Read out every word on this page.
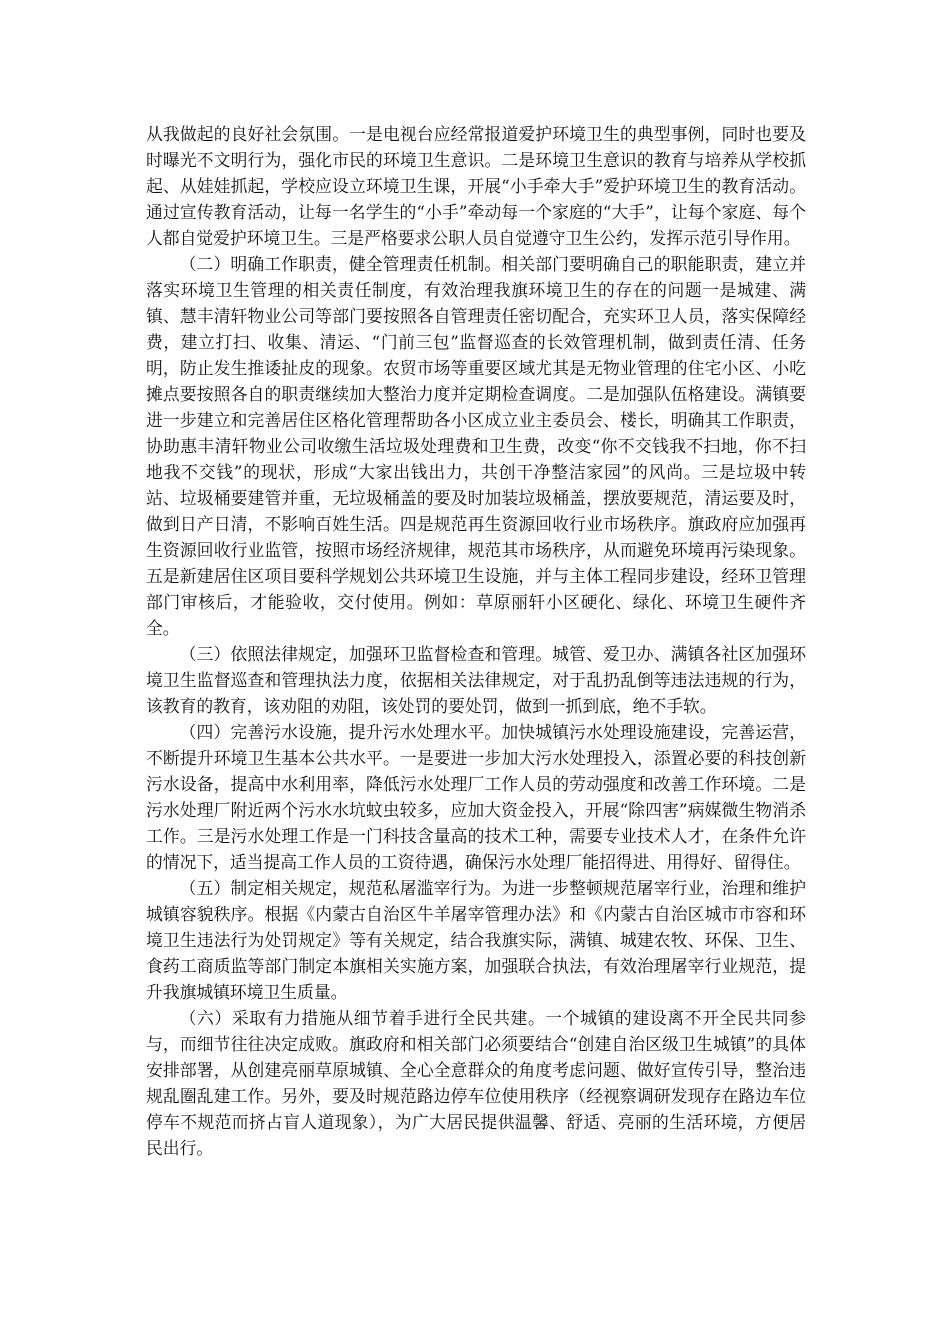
从我做起的良好社会氛围。一是电视台应经常报道爱护环境卫生的典型事例，同时也要及时曝光不文明行为，强化市民的环境卫生意识。二是环境卫生意识的教育与培养从学校抓起、从娃娃抓起，学校应设立环境卫生课，开展“小手牵大手”爱护环境卫生的教育活动。通过宣传教育活动，让每一名学生的“小手”牵动每一个家庭的“大手”，让每个家庭、每个人都自觉爱护环境卫生。三是严格要求公职人员自觉遵守卫生公约，发挥示范引导作用。

（二）明确工作职责，健全管理责任机制。相关部门要明确自己的职能职责，建立并落实环境卫生管理的相关责任制度，有效治理我旗环境卫生的存在的问题一是城建、满镇、慧丰清轩物业公司等部门要按照各自管理责任密切配合，充实环卫人员，落实保障经费，建立打扫、收集、清运、“门前三包”监督巡查的长效管理机制，做到责任清、任务明，防止发生推诿扯皮的现象。农贸市场等重要区域尤其是无物业管理的住宅小区、小吃摊点要按照各自的职责继续加大整治力度并定期检查调度。二是加强队伍格建设。满镇要进一步建立和完善居住区格化管理帮助各小区成立业主委员会、楼长，明确其工作职责，协助惠丰清轩物业公司收缴生活垃圾处理费和卫生费，改变“你不交钱我不扫地，你不扫地我不交钱”的现状，形成“大家出钱出力，共创干净整洁家园”的风尚。三是垃圾中转站、垃圾桶要建管并重，无垃圾桶盖的要及时加装垃圾桶盖，摆放要规范，清运要及时，做到日产日清，不影响百姓生活。四是规范再生资源回收行业市场秩序。旗政府应加强再生资源回收行业监管，按照市场经济规律，规范其市场秩序，从而避免环境再污染现象。五是新建居住区项目要科学规划公共环境卫生设施，并与主体工程同步建设，经环卫管理部门审核后，才能验收，交付使用。例如：草原丽轩小区硬化、绿化、环境卫生硬件齐全。

（三）依照法律规定，加强环卫监督检查和管理。城管、爱卫办、满镇各社区加强环境卫生监督巡查和管理执法力度，依据相关法律规定，对于乱扔乱倒等违法违规的行为，该教育的教育，该劝阻的劝阻，该处罚的要处罚，做到一抓到底，绝不手软。

（四）完善污水设施，提升污水处理水平。加快城镇污水处理设施建设，完善运营，不断提升环境卫生基本公共水平。一是要进一步加大污水处理投入，添置必要的科技创新污水设备，提高中水利用率，降低污水处理厂工作人员的劳动强度和改善工作环境。二是污水处理厂附近两个污水水坑蚊虫较多，应加大资金投入，开展“除四害”病媒微生物消杀工作。三是污水处理工作是一门科技含量高的技术工种，需要专业技术人才，在条件允许的情况下，适当提高工作人员的工资待遇，确保污水处理厂能招得进、用得好、留得住。

（五）制定相关规定，规范私屠滥宰行为。为进一步整顿规范屠宰行业，治理和维护城镇容貌秩序。根据《内蒙古自治区牛羊屠宰管理办法》和《内蒙古自治区城市市容和环境卫生违法行为处罚规定》等有关规定，结合我旗实际，满镇、城建农牧、环保、卫生、食药工商质监等部门制定本旗相关实施方案，加强联合执法，有效治理屠宰行业规范，提升我旗城镇环境卫生质量。

（六）采取有力措施从细节着手进行全民共建。一个城镇的建设离不开全民共同参与，而细节往往决定成败。旗政府和相关部门必须要结合“创建自治区级卫生城镇”的具体安排部署，从创建亮丽草原城镇、全心全意群众的角度考虑问题、做好宣传引导，整治违规乱圈乱建工作。另外，要及时规范路边停车位使用秩序（经视察调研发现存在路边车位停车不规范而挤占盲人道现象），为广大居民提供温馨、舒适、亮丽的生活环境，方便居民出行。
